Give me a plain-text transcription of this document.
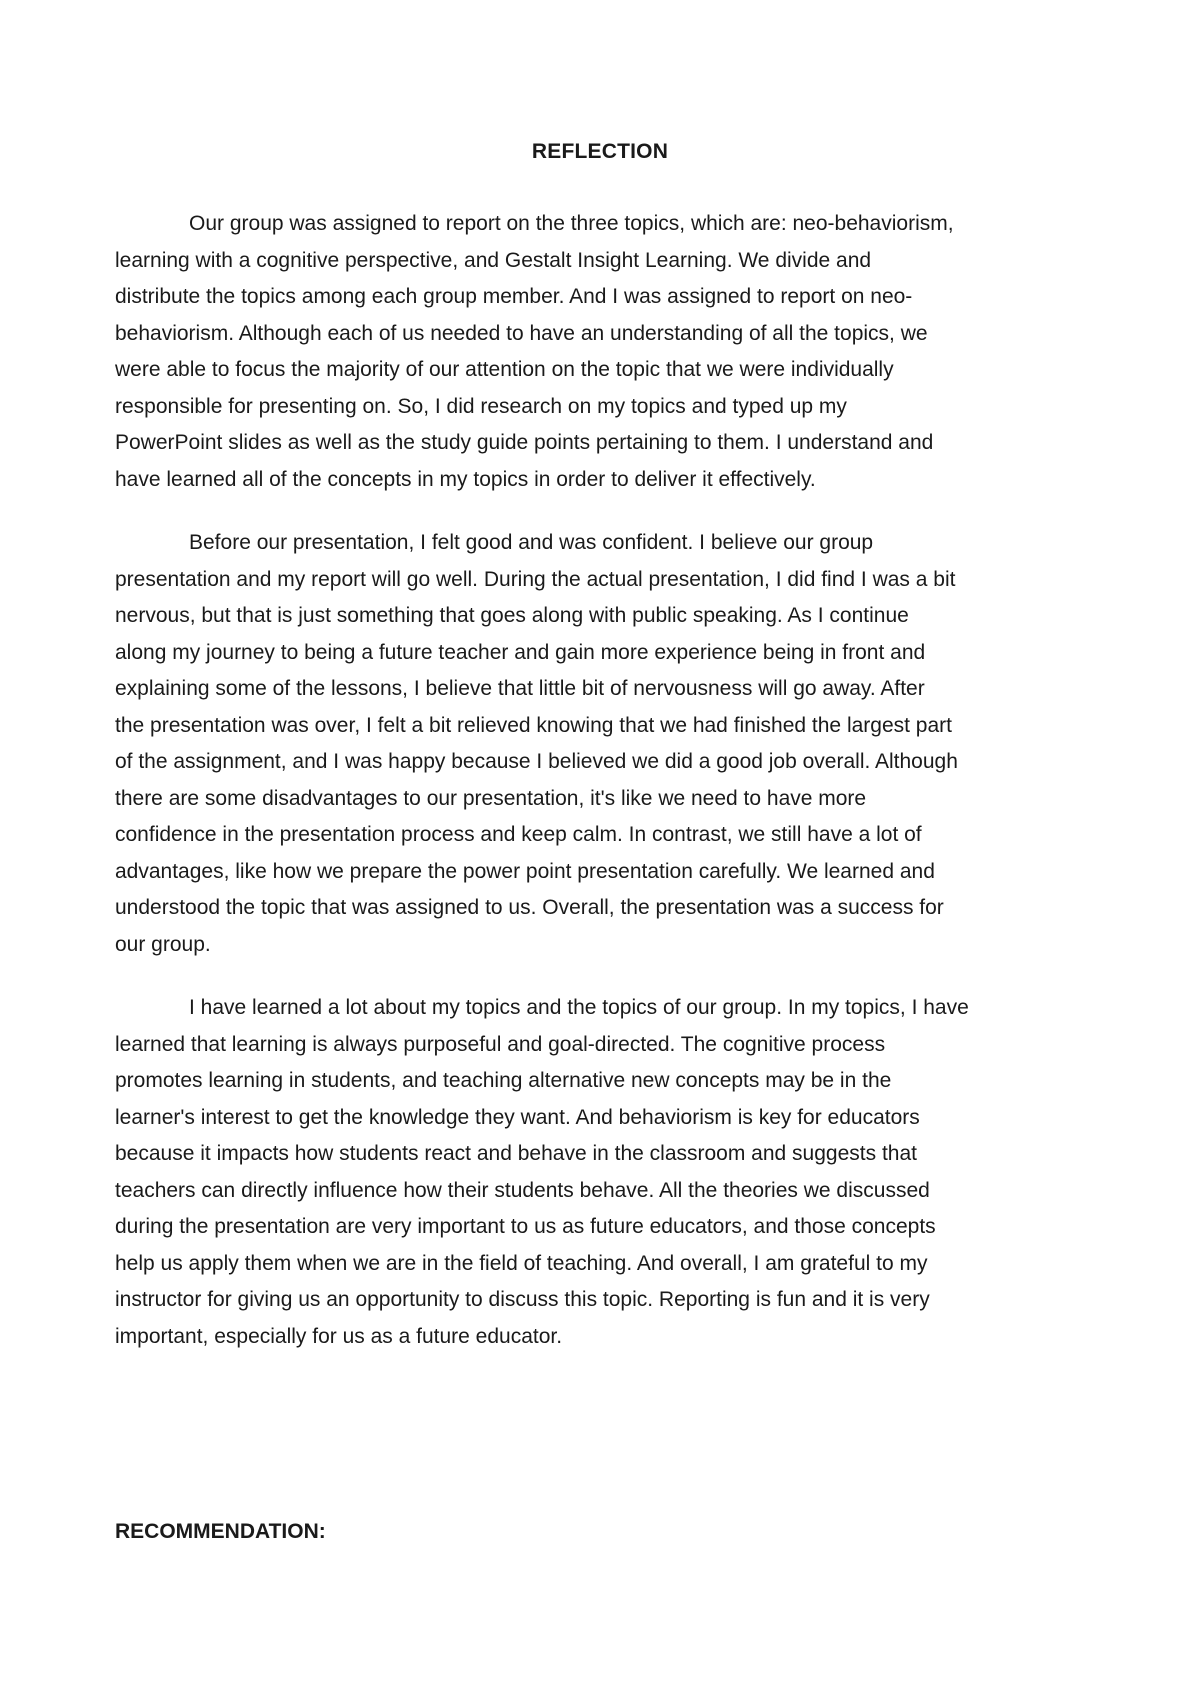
REFLECTION
Our group was assigned to report on the three topics, which are: neo-behaviorism,
learning with a cognitive perspective, and Gestalt Insight Learning. We divide and
distribute the topics among each group member. And I was assigned to report on neo-
behaviorism. Although each of us needed to have an understanding of all the topics, we
were able to focus the majority of our attention on the topic that we were individually
responsible for presenting on. So, I did research on my topics and typed up my
PowerPoint slides as well as the study guide points pertaining to them. I understand and
have learned all of the concepts in my topics in order to deliver it effectively.
Before our presentation, I felt good and was confident. I believe our group
presentation and my report will go well. During the actual presentation, I did find I was a bit
nervous, but that is just something that goes along with public speaking. As I continue
along my journey to being a future teacher and gain more experience being in front and
explaining some of the lessons, I believe that little bit of nervousness will go away. After
the presentation was over, I felt a bit relieved knowing that we had finished the largest part
of the assignment, and I was happy because I believed we did a good job overall. Although
there are some disadvantages to our presentation, it's like we need to have more
confidence in the presentation process and keep calm. In contrast, we still have a lot of
advantages, like how we prepare the power point presentation carefully. We learned and
understood the topic that was assigned to us. Overall, the presentation was a success for
our group.
I have learned a lot about my topics and the topics of our group. In my topics, I have
learned that learning is always purposeful and goal-directed. The cognitive process
promotes learning in students, and teaching alternative new concepts may be in the
learner's interest to get the knowledge they want. And behaviorism is key for educators
because it impacts how students react and behave in the classroom and suggests that
teachers can directly influence how their students behave. All the theories we discussed
during the presentation are very important to us as future educators, and those concepts
help us apply them when we are in the field of teaching. And overall, I am grateful to my
instructor for giving us an opportunity to discuss this topic. Reporting is fun and it is very
important, especially for us as a future educator.
RECOMMENDATION:
